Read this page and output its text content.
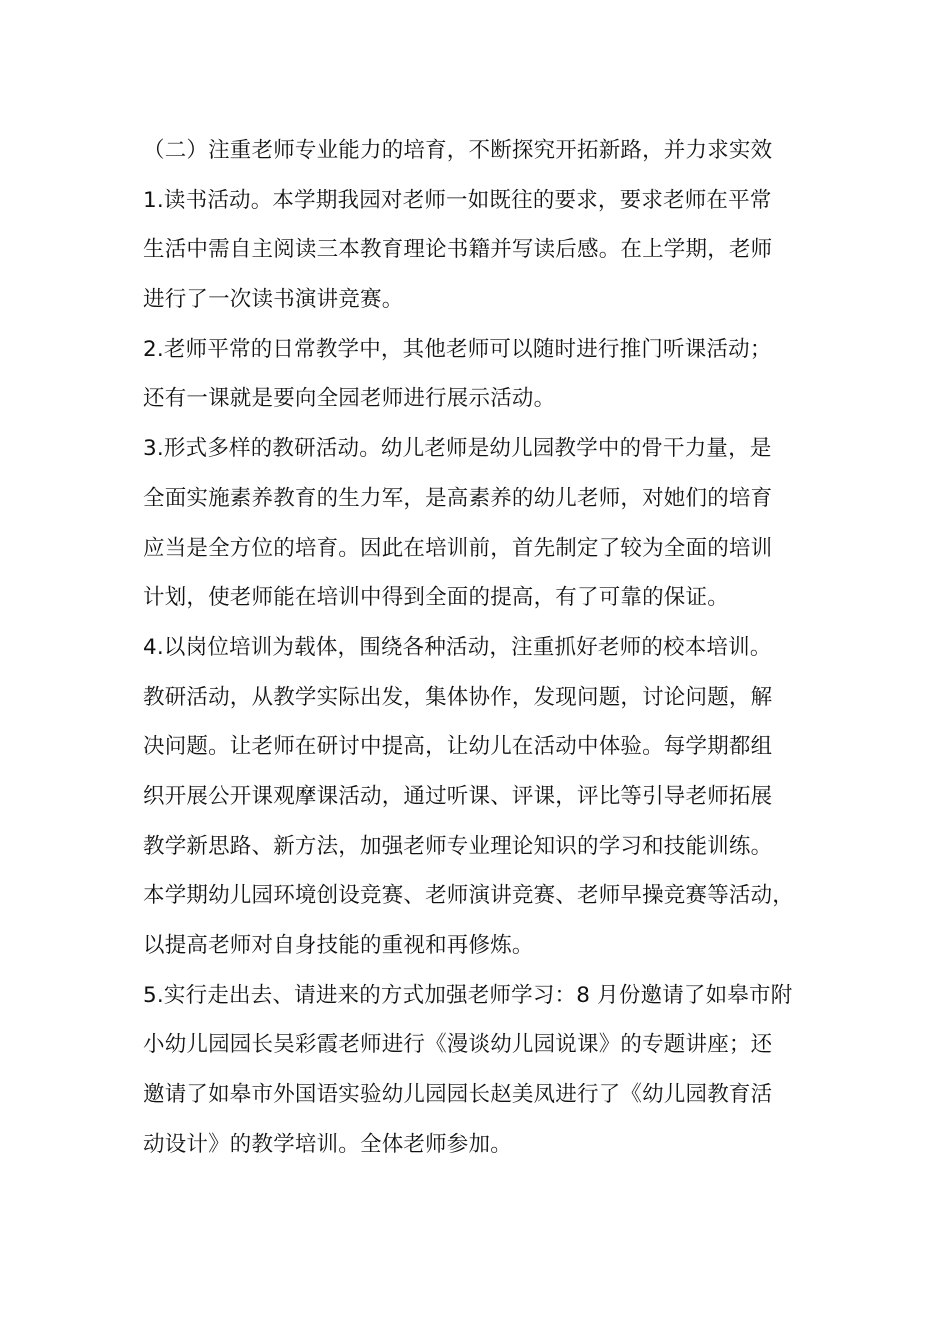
（二）注重老师专业能力的培育，不断探究开拓新路，并力求实效
1.读书活动。本学期我园对老师一如既往的要求，要求老师在平常
生活中需自主阅读三本教育理论书籍并写读后感。在上学期，老师
进行了一次读书演讲竞赛。
2.老师平常的日常教学中，其他老师可以随时进行推门听课活动；
还有一课就是要向全园老师进行展示活动。
3.形式多样的教研活动。幼儿老师是幼儿园教学中的骨干力量，是
全面实施素养教育的生力军，是高素养的幼儿老师，对她们的培育
应当是全方位的培育。因此在培训前，首先制定了较为全面的培训
计划，使老师能在培训中得到全面的提高，有了可靠的保证。
4.以岗位培训为载体，围绕各种活动，注重抓好老师的校本培训。
教研活动，从教学实际出发，集体协作，发现问题，讨论问题，解
决问题。让老师在研讨中提高，让幼儿在活动中体验。每学期都组
织开展公开课观摩课活动，通过听课、评课，评比等引导老师拓展
教学新思路、新方法，加强老师专业理论知识的学习和技能训练。
本学期幼儿园环境创设竞赛、老师演讲竞赛、老师早操竞赛等活动，
以提高老师对自身技能的重视和再修炼。
5.实行走出去、请进来的方式加强老师学习：8 月份邀请了如皋市附
小幼儿园园长吴彩霞老师进行《漫谈幼儿园说课》的专题讲座；还
邀请了如皋市外国语实验幼儿园园长赵美凤进行了《幼儿园教育活
动设计》的教学培训。全体老师参加。
